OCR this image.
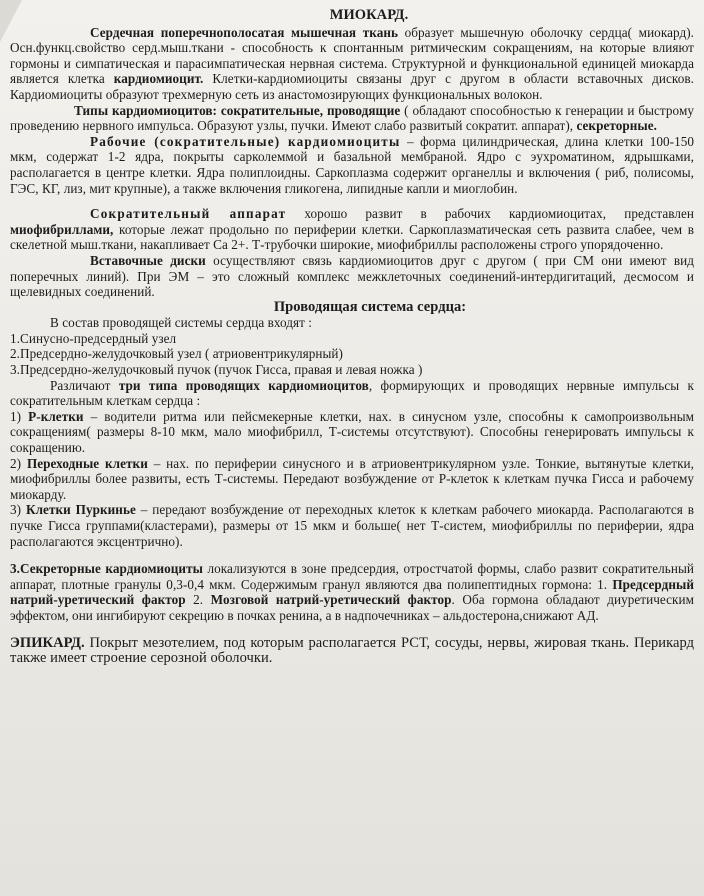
МИОКАРД.

Сердечная поперечнополосатая мышечная ткань образует мышечную оболочку сердца( миокард). Осн.функц.свойство серд.мыш.ткани - способность к спонтанным ритмическим сокращениям, на которые влияют гормоны и симпатическая и парасимпатическая нервная система. Структурной и функциональной единицей миокарда является клетка кардиомиоцит. Клетки-кардиомиоциты связаны друг с другом в области вставочных дисков. Кардиомиоциты образуют трехмерную сеть из анастомозирующих функциональных волокон.

Типы кардиомиоцитов: сократительные, проводящие ( обладают способностью к генерации и быстрому проведению нервного импульса. Образуют узлы, пучки. Имеют слабо развитый сократит. аппарат), секреторные.

Рабочие (сократительные) кардиомиоциты – форма цилиндрическая, длина клетки 100-150 мкм, содержат 1-2 ядра, покрыты сарколеммой и базальной мембраной. Ядро с эухроматином, ядрышками, располагается в центре клетки. Ядра полиплоидны. Саркоплазма содержит органеллы и включения ( риб, полисомы, ГЭС, КГ, лиз, мит крупные), а также включения гликогена, липидные капли и миоглобин.

Сократительный аппарат хорошо развит в рабочих кардиомиоцитах, представлен миофибриллами, которые лежат продольно по периферии клетки. Саркоплазматическая сеть развита слабее, чем в скелетной мыш.ткани, накапливает Ca 2+. Т-трубочки широкие, миофибриллы расположены строго упорядоченно.

Вставочные диски осуществляют связь кардиомиоцитов друг с другом ( при СМ они имеют вид поперечных линий). При ЭМ – это сложный комплекс межклеточных соединений-интердигитаций, десмосом и щелевидных соединений.

Проводящая система сердца:

В состав проводящей системы сердца входят :

1.Синусно-предсердный узел

2.Предсердно-желудочковый узел ( атриовентрикулярный)

3.Предсердно-желудочковый пучок (пучок Гисса, правая и левая ножка )

Различают три типа проводящих кардиомиоцитов, формирующих и проводящих нервные импульсы к сократительным клеткам сердца :

1) Р-клетки – водители ритма или пейсмекерные клетки, нах. в синусном узле, способны к самопроизвольным сокращениям( размеры 8-10 мкм, мало миофибрилл, Т-системы отсутствуют). Способны генерировать импульсы к сокращению.

2) Переходные клетки – нах. по периферии синусного и в атриовентрикулярном узле. Тонкие, вытянутые клетки, миофибриллы более развиты, есть Т-системы. Передают возбуждение от Р-клеток к клеткам пучка Гисса и рабочему миокарду.

3) Клетки Пуркинье – передают возбуждение от переходных клеток к клеткам рабочего миокарда. Располагаются в пучке Гисса группами(кластерами), размеры от 15 мкм и больше( нет Т-систем, миофибриллы по периферии, ядра располагаются эксцентрично).

3.Секреторные кардиомиоциты локализуются в зоне предсердия, отростчатой формы, слабо развит сократительный аппарат, плотные гранулы 0,3-0,4 мкм. Содержимым гранул являются два полипептидных гормона: 1. Предсердный натрий-уретический фактор 2. Мозговой натрий-уретический фактор. Оба гормона обладают диуретическим эффектом, они ингибируют секрецию в почках ренина, а в надпочечниках – альдостерона,снижают АД.

ЭПИКАРД. Покрыт мезотелием, под которым располагается РСТ, сосуды, нервы, жировая ткань. Перикард также имеет строение серозной оболочки.
